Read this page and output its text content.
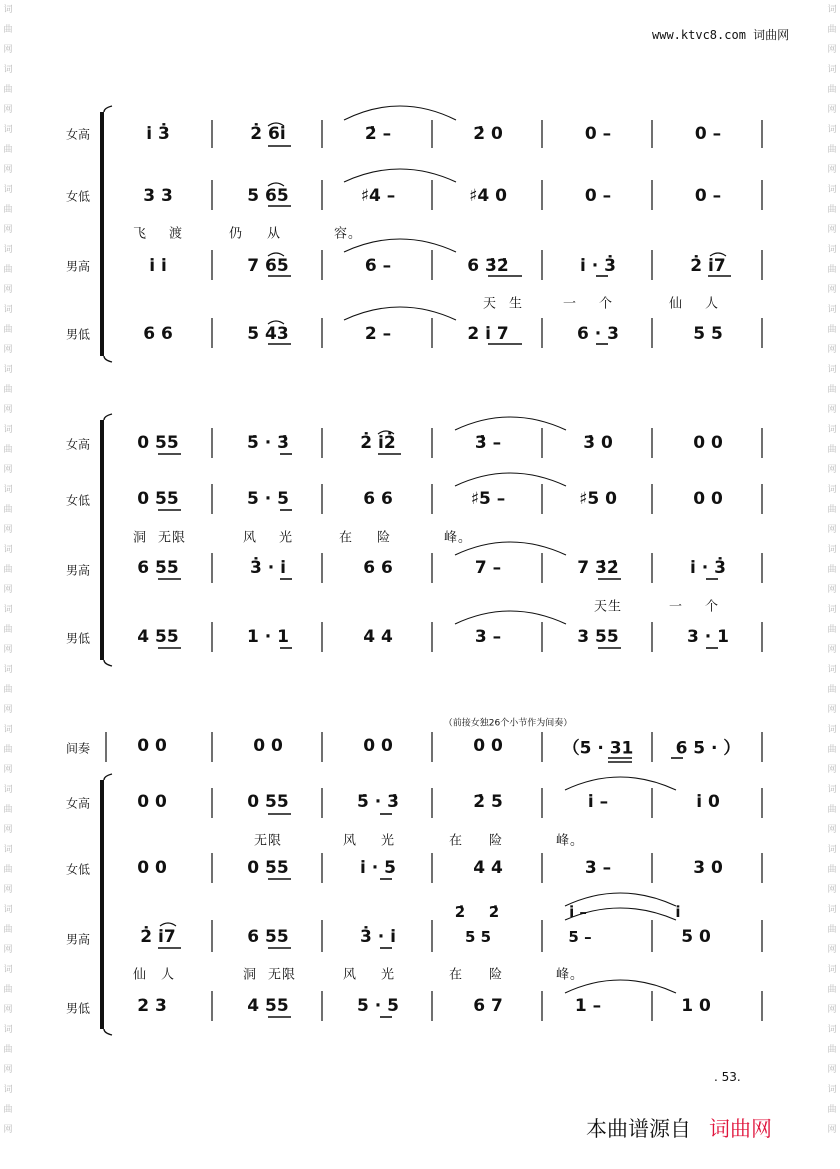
词
曲
网
词
曲
网
词
曲
网
词
曲
网
词
曲
网
词
曲
网
词
曲
网
词
曲
网
词
曲
网
词
曲
网
词
曲
网
词
曲
网
词
曲
网
词
曲
网
词
曲
网
词
曲
网
词
曲
网
词
曲
网
词
曲
网
词
曲
网
词
曲
网
词
曲
网
词
曲
网
词
曲
网
词
曲
网
词
曲
网
词
曲
网
词
曲
网
词
曲
网
词
曲
网
词
曲
网
词
曲
网
词
曲
网
词
曲
网
词
曲
网
词
曲
网
词
曲
网
词
曲
网
www.ktvc8.com 词曲网
女高
女低
男高
男低
i̇ 3̇	2̇ 6i̇	2̇ –	2̇ 0	0 –	0 –
3 3	5 65	♯4 –	♯4 0	0 –	0 –
飞 渡	仍 从	容。
i̇ i̇	7 65	6 –	6 3̇2̇	i̇ · 3̇	2̇ i̇7
天 生	一 个	仙 人
6 6	5 43	2 –	2 i̇ 7	6 · 3	5 5
女高
女低
男高
男低
0 55	5̇ · 3̇	2̇ i̇2̇	3̇ –	3̇ 0	0 0
0 55	5 · 5	6 6	♯5 –	♯5 0	0 0
洞 无限	风 光	在 险	峰。
6 55	3̇ · i̇	6 6	7 –	7 3̇2̇	i̇ · 3̇
天生	一 个
4 55	1 · 1	4 4	3 –	3 55	3 · 1
（前接女独26个小节作为间奏）
间奏	0 0	0 0	0 0	0 0	（5 · 31 6 5 · ）
女高
女低
男高
男低
0 0	0 55	5̇ · 3̇	2̇ 5	i̇ –	i̇ 0
无限	风 光	在 险	峰。
0 0	0 55	i̇ · 5	4 4	3 –	3 0
2̇ 2̇	i̇ –	i̇
2̇ i̇7	6 55	3̇ · i̇	5 5	5 –	5 0
仙 人	洞 无限	风 光	在 险	峰。
2 3	4 55	5 · 5	6 7	1 –	1 0
. 53.
本曲谱源自 词曲网
